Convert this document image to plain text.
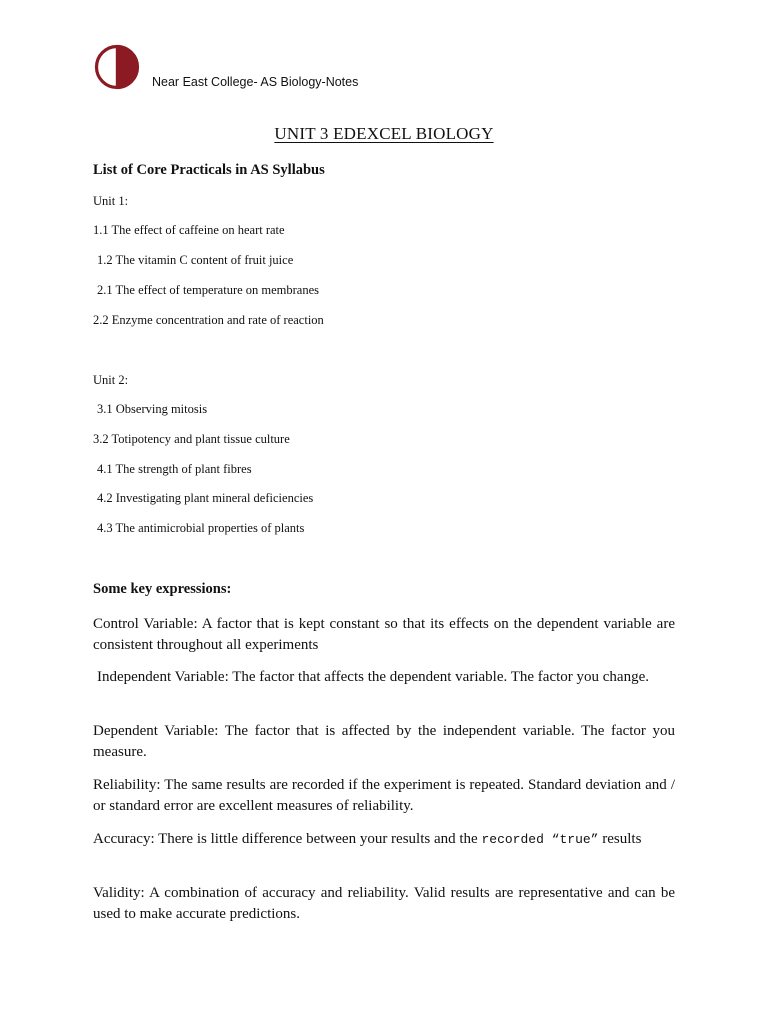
Near East College- AS Biology-Notes
UNIT 3 EDEXCEL BIOLOGY
List of Core Practicals in AS Syllabus
Unit 1:
1.1 The effect of caffeine on heart rate
1.2 The vitamin C content of fruit juice
2.1 The effect of temperature on membranes
2.2 Enzyme concentration and rate of reaction
Unit 2:
3.1 Observing mitosis
3.2 Totipotency and plant tissue culture
4.1 The strength of plant fibres
4.2 Investigating plant mineral deficiencies
4.3 The antimicrobial properties of plants
Some key expressions:
Control Variable: A factor that is kept constant so that its effects on the dependent variable are consistent throughout all experiments
Independent Variable: The factor that affects the dependent variable. The factor you change.
Dependent Variable: The factor that is affected by the independent variable. The factor you measure.
Reliability: The same results are recorded if the experiment is repeated. Standard deviation and / or standard error are excellent measures of reliability.
Accuracy: There is little difference between your results and the recorded “true” results
Validity: A combination of accuracy and reliability. Valid results are representative and can be used to make accurate predictions.
